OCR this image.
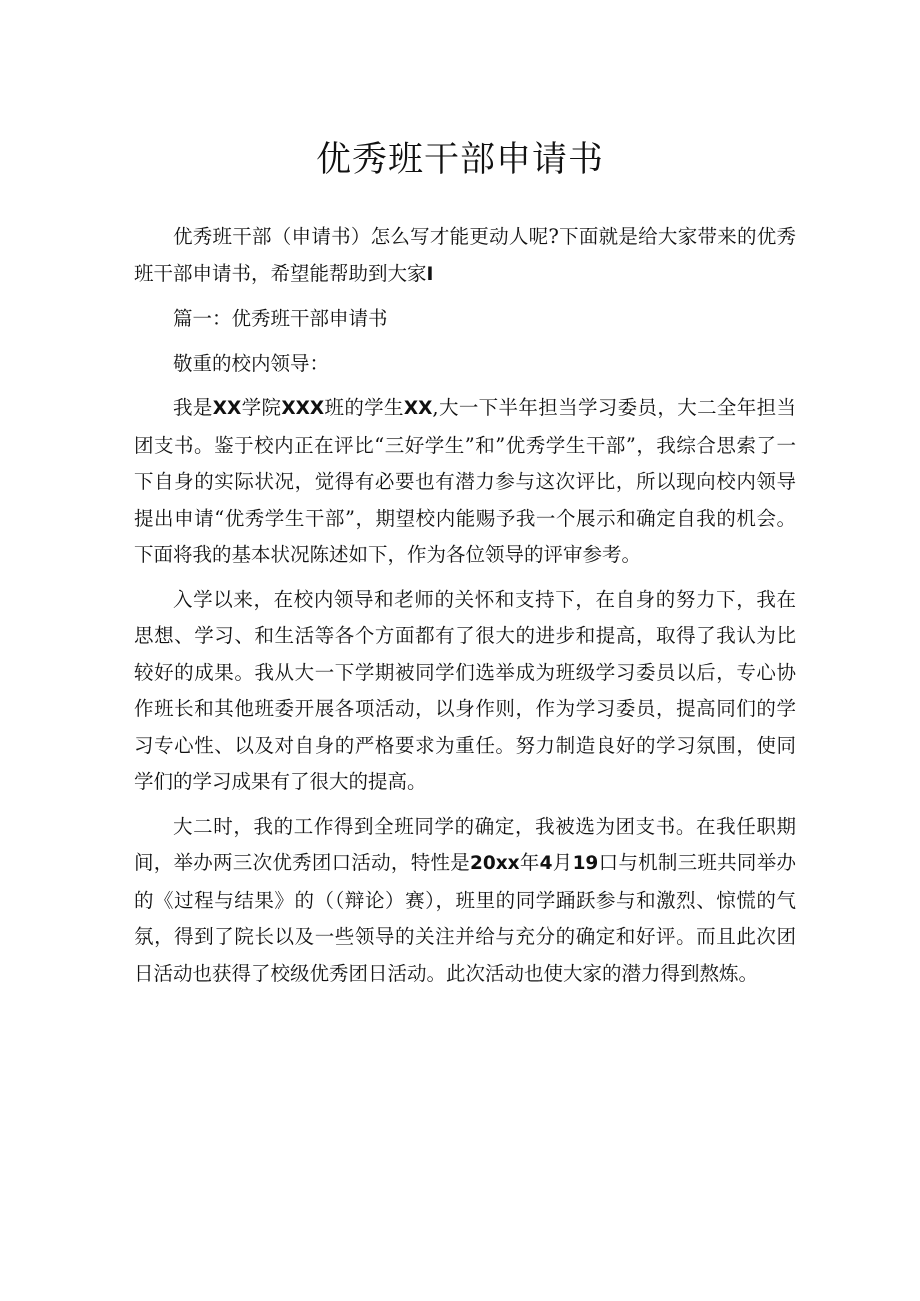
优秀班干部申请书

优秀班干部（申请书）怎么写才能更动人呢?下面就是给大家带来的优秀班干部申请书，希望能帮助到大家I

篇一：优秀班干部申请书

敬重的校内领导：

我是XX学院XXX班的学生XX,大一下半年担当学习委员，大二全年担当团支书。鉴于校内正在评比“三好学生”和”优秀学生干部”，我综合思索了一下自身的实际状况，觉得有必要也有潜力参与这次评比，所以现向校内领导提出申请“优秀学生干部”，期望校内能赐予我一个展示和确定自我的机会。下面将我的基本状况陈述如下，作为各位领导的评审参考。

入学以来，在校内领导和老师的关怀和支持下，在自身的努力下，我在思想、学习、和生活等各个方面都有了很大的进步和提高，取得了我认为比较好的成果。我从大一下学期被同学们选举成为班级学习委员以后，专心协作班长和其他班委开展各项活动，以身作则，作为学习委员，提高同们的学习专心性、以及对自身的严格要求为重任。努力制造良好的学习氛围，使同学们的学习成果有了很大的提高。

大二时，我的工作得到全班同学的确定，我被选为团支书。在我任职期间，举办两三次优秀团口活动，特性是20xx年4月19口与机制三班共同举办的《过程与结果》的（（辩论）赛），班里的同学踊跃参与和激烈、惊慌的气氛，得到了院长以及一些领导的关注并给与充分的确定和好评。而且此次团日活动也获得了校级优秀团日活动。此次活动也使大家的潜力得到熬炼。
